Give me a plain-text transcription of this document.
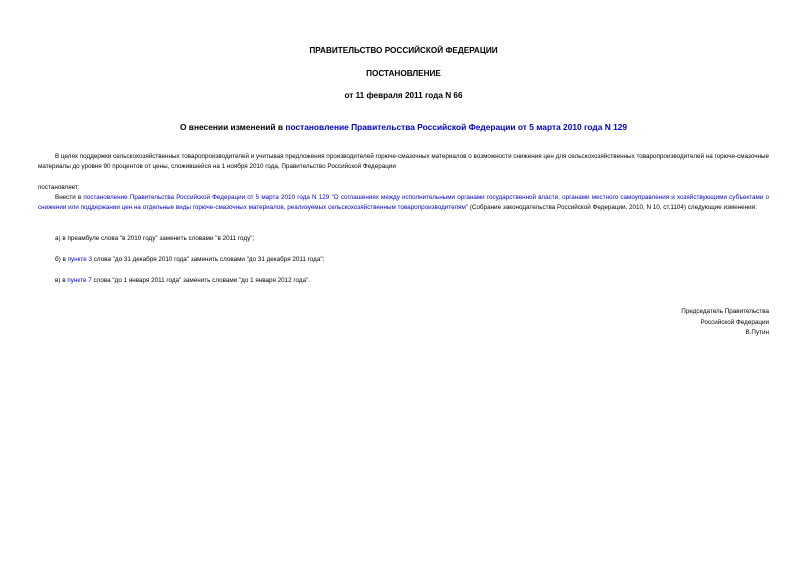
ПРАВИТЕЛЬСТВО РОССИЙСКОЙ ФЕДЕРАЦИИ
ПОСТАНОВЛЕНИЕ
от 11 февраля 2011 года N 66
О внесении изменений в постановление Правительства Российской Федерации от 5 марта 2010 года N 129
В целях поддержки сельскохозяйственных товаропроизводителей и учитывая предложения производителей горюче-смазочных материалов о возможности снижения цен для сельскохозяйственных товаропроизводителей на горюче-смазочные материалы до уровня 90 процентов от цены, сложившейся на 1 ноября 2010 года, Правительство Российской Федерации
постановляет:
Внести в постановление Правительства Российской Федерации от 5 марта 2010 года N 129 "О соглашениях между исполнительными органами государственной власти, органами местного самоуправления и хозяйствующими субъектами о снижении или поддержании цен на отдельные виды горюче-смазочных материалов, реализуемых сельскохозяйственным товаропроизводителям" (Собрание законодательства Российской Федерации, 2010, N 10, ст.1104) следующие изменения:
а) в преамбуле слова "в 2010 году" заменить словами "в 2011 году";
б) в пункте 3 слова "до 31 декабря 2010 года" заменить словами "до 31 декабря 2011 года";
в) в пункте 7 слова "до 1 января 2011 года" заменить словами "до 1 января 2012 года".
Председатель Правительства
Российской Федерации
В.Путин
